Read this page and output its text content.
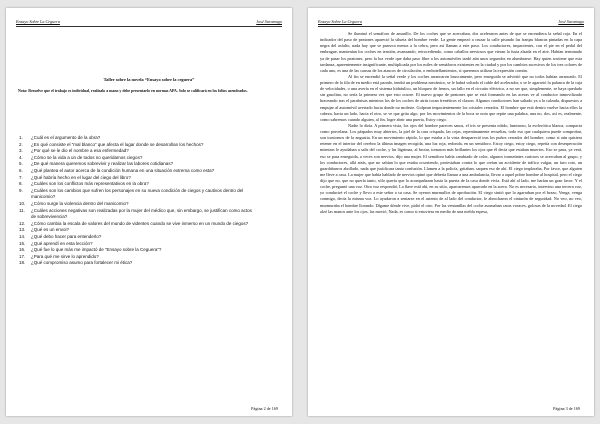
Ensayo Sobre La Ceguera	José Saramago
Taller sobre la novela “Ensayo sobre la ceguera”
Nota: Resuelve que el trabajo es individual, realízalo a mano y debe presentarlo en normas APA. Solo se calificará en los folios asendrados.
1.	¿Cuál es el argumento de la obra?
2.	¿En qué consiste el “mal blanco” que afecta el lugar donde se desarrollan los hechos?
3.	¿Por qué se le dio el nombre a esa enfermedad?
4.	¿Cómo se la vida a un de todos no queridamos ciegos?
5.	¿De qué manera queremos sobrevivir y realizar las labores cotidianas?
6.	¿Qué plantea el autor acerca de la condición humana en una situación extrema como esta?
7.	¿Qué habría hecho en el lugar del ciego del libro?
8.	¿Cuáles son los conflictos más representativos en la obra?
9.	¿Cuáles son los cambios que sufren los personajes en su nueva condición de ciegos y cautivos dentro del manicomio?
10.	¿Cómo surge la violencia dentro del manicomio?
11.	¿Cuáles acciones negativas son realizadas por la mujer del médico que, sin embargo, se justifican como actos de sobrevivencia?
12.	¿Cómo cambia la escala de valores del mundo de videntes cuando se vive inmerso en un mundo de ciegos?
13.	¿Qué es un envoi?
14.	¿Qué debo hacer para entenderlo?
15.	¿Qué aprendí en esta lección?
16.	¿Qué fue lo que más me impactó de “Ensayo sobre la Ceguera”?
17.	¿Para qué me sirve lo aprendido?
18.	¿Qué compromiso asumo para fortalecer mi ética?
Página 2 de 169
Ensayo Sobre La Ceguera	José Saramago

Se iluminó el semáforo de amarillo. De los coches que se acercaban, dos aceleraron antes de que se encendiera la señal roja. En el indicador del paso de peatones apareció la silueta del hombre verde. La gente empezó a cruzar la calle pisando las franjas blancas pintadas en la capa negra del asfalto, nada hay que se parezca menos a la cebra, pero así llaman a este paso. Los conductores, impacientes, con el pie en el pedal del embrague, mantenían los coches en tensión, avanzando, retrocediendo, como caballos nerviosos que vieran la fusta alzada en el aire. Habían terminado ya de pasar los peatones, pero la luz verde que daba paso libre a los automóviles tardó aún unos segundos en alumbrarse. Hay quien sostiene que esta tardanza, aparentemente insignificante, multiplicada por los miles de semáforos existentes en la ciudad y por los cambios sucesivos de los tres colores de cada uno, es una de las causas de los atascos de circulación, o embotellamientos, si queremos utilizar la expresión común.

Al fin se encendió la señal verde y los coches arrancaron bruscamente, pero enseguida se advirtió que no todos habían arrancado. El primero de la fila de en medio está parado, tendrá un problema mecánico, se le habrá soltado el cable del acelerador, o se le agarrotó la palanca de la caja de velocidades, o una avería en el sistema hidráulico, un bloqueo de frenos, un fallo en el circuito eléctrico, a no ser que, simplemente, se haya quedado sin gasolina, no sería la primera vez que esto ocurre. El nuevo grupo de peatones que se está formando en las aceras ve al conductor inmovilizado braceando tras el parabrisas mientras los de los coches de atrás tocan frenéticos el claxon. Algunos conductores han saltado ya a la calzada, dispuestos a empujar al automóvil averiado hacia donde no moleste. Golpean impacientemente los cristales cerrados. El hombre que está dentro vuelve hacia ellos la cabeza, hacia un lado, hacia el otro, se ve que grita algo, por los movimientos de la boca se nota que repite una palabra, una no, dos, así es, realmente, como sabremos cuando alguien, al fin, logre abrir una puerta, Estoy ciego.

Nadie lo diría. A primera vista, los ojos del hombre parecen sanos, el iris se presenta nítido, luminoso, la esclerótica blanca, compacta como porcelana. Los párpados muy abiertos, la piel de la cara crispada, las cejas, repentinamente revueltas, todo eso que cualquiera puede comprobar, son trastornos de la angustia. En un movimiento rápido, lo que estaba a la vista desapareció tras los puños cerrados del hombre, como si aún quisiera retener en el interior del cerebro la última imagen recogida, una luz roja, redonda, en un semáforo. Estoy ciego, estoy ciego, repetía con desesperación mientras le ayudaban a salir del coche, y las lágrimas, al brotar, tornaron más brillantes los ojos que él decía que estaban muertos. Eso se pasa, ya verá, eso se pasa enseguida, a veces son nervios, dijo una mujer. El semáforo había cambiado de color, algunos transeúntes curiosos se acercaban al grupo, y los conductores, allá atrás, que no sabían lo que estaba ocurriendo, protestaban contra lo que creían un accidente de tráfico vulgar, un faro roto, un guardabarros abollado, nada que justificara tanta confusión. Llamen a la policía, gritaban, saquen eso de ahí. El ciego imploraba, Por favor, que alguien me lleve a casa. La mujer que había hablado de nervios opinó que debería llamar a una ambulancia, llevar a aquel pobre hombre al hospital, pero el ciego dijo que no, que no quería tanto, sólo quería que lo acompañaran hasta la puerta de la casa donde vivía. Está ahí al lado, me harían un gran favor. Y el coche, preguntó una voz. Otra voz respondió, La llave está ahí, en su sitio, aparcaremos aparcado en la acera. No es necesario, intervino una tercera voz, yo conduciré el coche y llevo a este señor a su casa. Se oyeron murmullos de aprobación. El ciego sintió que lo agarraban por el brazo, Venga, venga conmigo, decía la misma voz. Lo ayudaron a sentarse en el asiento de al lado del conductor, le abrocharon el cinturón de seguridad. No veo, no veo, murmuraba el hombre llorando. Dígame dónde vive, pidió el otro. Por las ventanillas del coche asomaban caras voraces, golosas de la novedad. El ciego alzó las manos ante los ojos, las movió, Nada, es como si estuviera en medio de una niebla espesa,

Página 3 de 169
